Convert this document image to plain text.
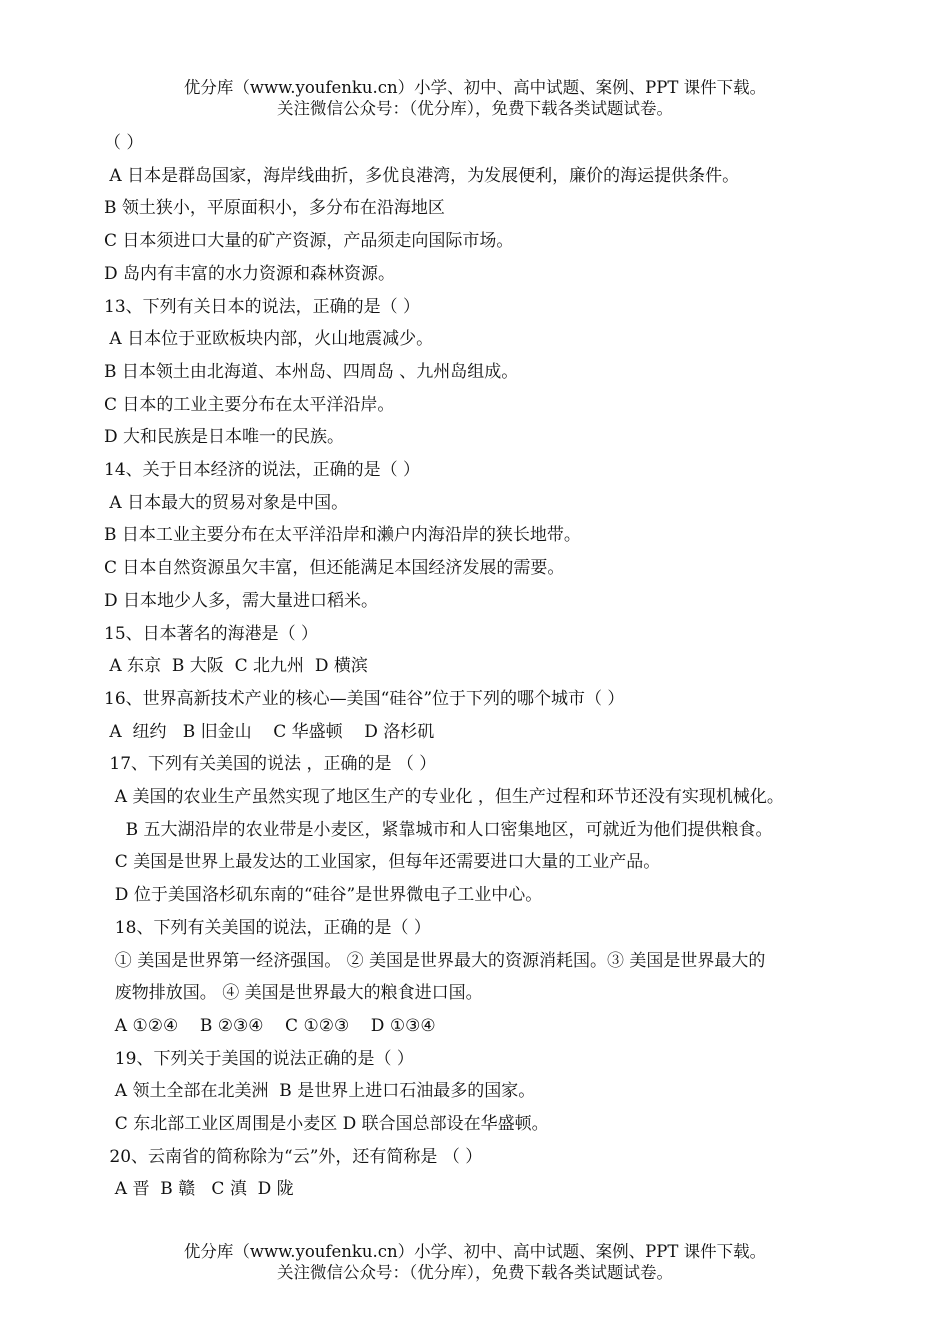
优分库（www.youfenku.cn）小学、初中、高中试题、案例、PPT 课件下载。
关注微信公众号：（优分库），免费下载各类试题试卷。
（ ）
A 日本是群岛国家，海岸线曲折，多优良港湾，为发展便利，廉价的海运提供条件。
B 领土狭小，平原面积小，多分布在沿海地区
C 日本须进口大量的矿产资源，产品须走向国际市场。
D 岛内有丰富的水力资源和森林资源。
13、下列有关日本的说法，正确的是（ ）
A 日本位于亚欧板块内部，火山地震减少。
B 日本领土由北海道、本州岛、四周岛 、九州岛组成。
C 日本的工业主要分布在太平洋沿岸。
D 大和民族是日本唯一的民族。
14、关于日本经济的说法，正确的是（ ）
A 日本最大的贸易对象是中国。
B 日本工业主要分布在太平洋沿岸和濑户内海沿岸的狭长地带。
C 日本自然资源虽欠丰富，但还能满足本国经济发展的需要。
D 日本地少人多，需大量进口稻米。
15、日本著名的海港是（ ）
A 东京  B 大阪  C 北九州  D 横滨
16、世界高新技术产业的核心—美国“硅谷”位于下列的哪个城市（ ）
A  纽约   B 旧金山    C 华盛顿    D 洛杉矶
17、下列有关美国的说法 ，正确的是 （ ）
A 美国的农业生产虽然实现了地区生产的专业化 ，但生产过程和环节还没有实现机械化。
B 五大湖沿岸的农业带是小麦区，紧靠城市和人口密集地区，可就近为他们提供粮食。
C 美国是世界上最发达的工业国家，但每年还需要进口大量的工业产品。
D 位于美国洛杉矶东南的“硅谷”是世界微电子工业中心。
18、下列有关美国的说法，正确的是（ ）
① 美国是世界第一经济强国。 ② 美国是世界最大的资源消耗国。③ 美国是世界最大的
废物排放国。 ④ 美国是世界最大的粮食进口国。
A ①②④    B ②③④    C ①②③    D ①③④
19、下列关于美国的说法正确的是（ ）
A 领土全部在北美洲  B 是世界上进口石油最多的国家。
C 东北部工业区周围是小麦区 D 联合国总部设在华盛顿。
20、云南省的简称除为“云”外，还有简称是 （ ）
A 晋  B 赣   C 滇  D 陇
优分库（www.youfenku.cn）小学、初中、高中试题、案例、PPT 课件下载。
关注微信公众号：（优分库），免费下载各类试题试卷。
